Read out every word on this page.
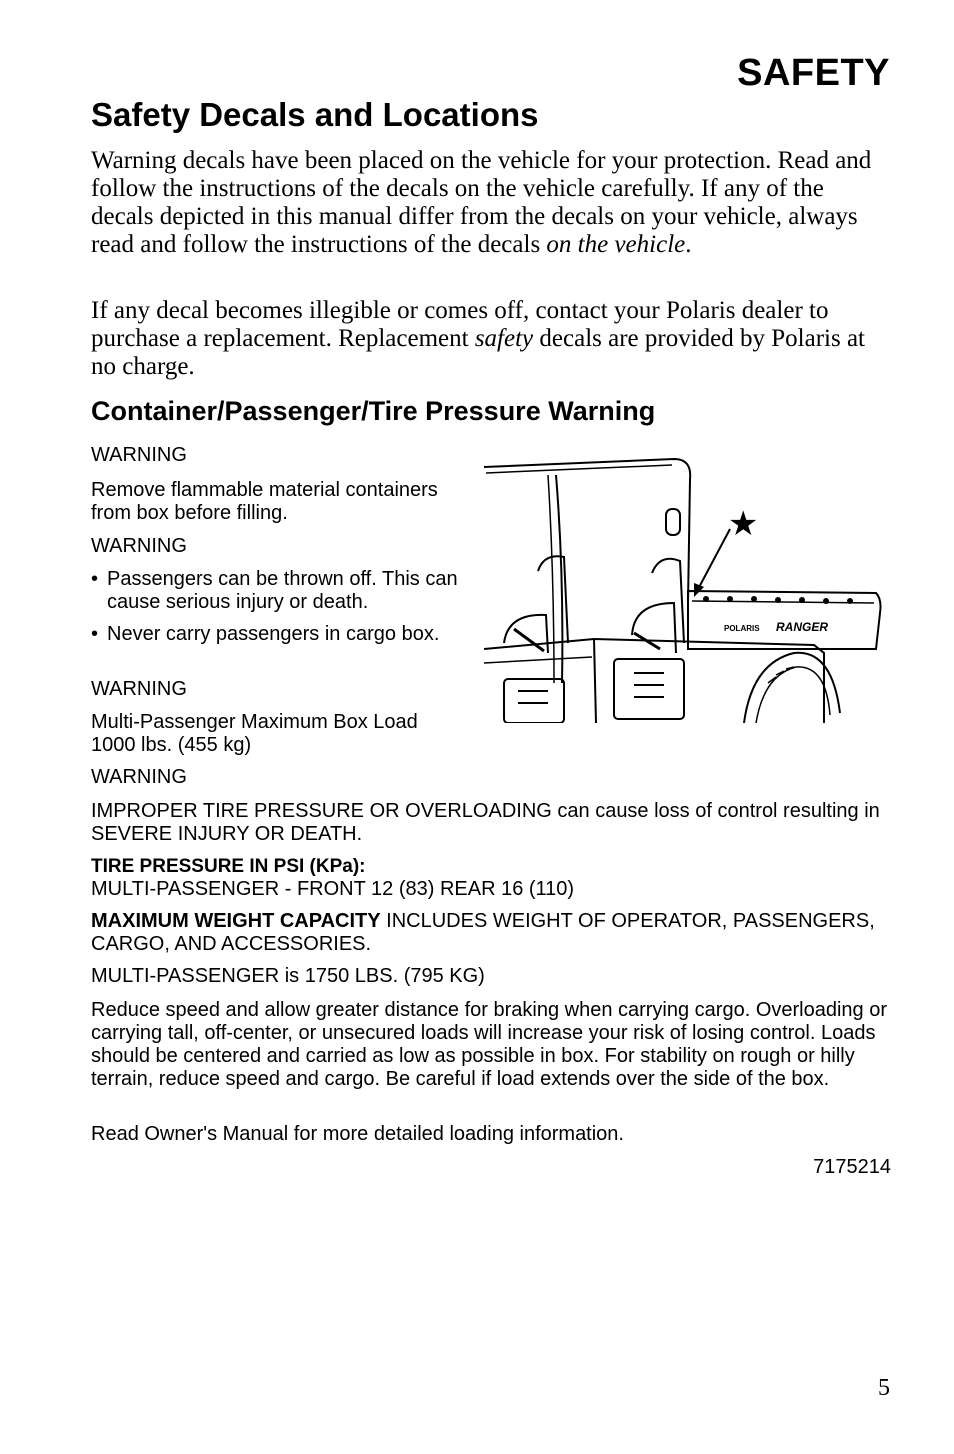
SAFETY
Safety Decals and Locations

Warning decals have been placed on the vehicle for your protection. Read and follow the instructions of the decals on the vehicle carefully. If any of the decals depicted in this manual differ from the decals on your vehicle, always read and follow the instructions of the decals on the vehicle.

If any decal becomes illegible or comes off, contact your Polaris dealer to purchase a replacement. Replacement safety decals are provided by Polaris at no charge.

Container/Passenger/Tire Pressure Warning
WARNING
Remove flammable material containers from box before filling.
WARNING
• Passengers can be thrown off. This can cause serious injury or death.
• Never carry passengers in cargo box.
WARNING
Multi-Passenger Maximum Box Load 1000 lbs. (455 kg)
WARNING
IMPROPER TIRE PRESSURE OR OVERLOADING can cause loss of control resulting in SEVERE INJURY OR DEATH.
TIRE PRESSURE IN PSI (KPa):
MULTI-PASSENGER - FRONT 12 (83) REAR 16 (110)
MAXIMUM WEIGHT CAPACITY INCLUDES WEIGHT OF OPERATOR, PASSENGERS, CARGO, AND ACCESSORIES.
MULTI-PASSENGER is 1750 LBS. (795 KG)
Reduce speed and allow greater distance for braking when carrying cargo. Overloading or carrying tall, off-center, or unsecured loads will increase your risk of losing control. Loads should be centered and carried as low as possible in box. For stability on rough or hilly terrain, reduce speed and cargo. Be careful if load extends over the side of the box.
Read Owner's Manual for more detailed loading information.
7175214
POLARIS RANGER
★
5
